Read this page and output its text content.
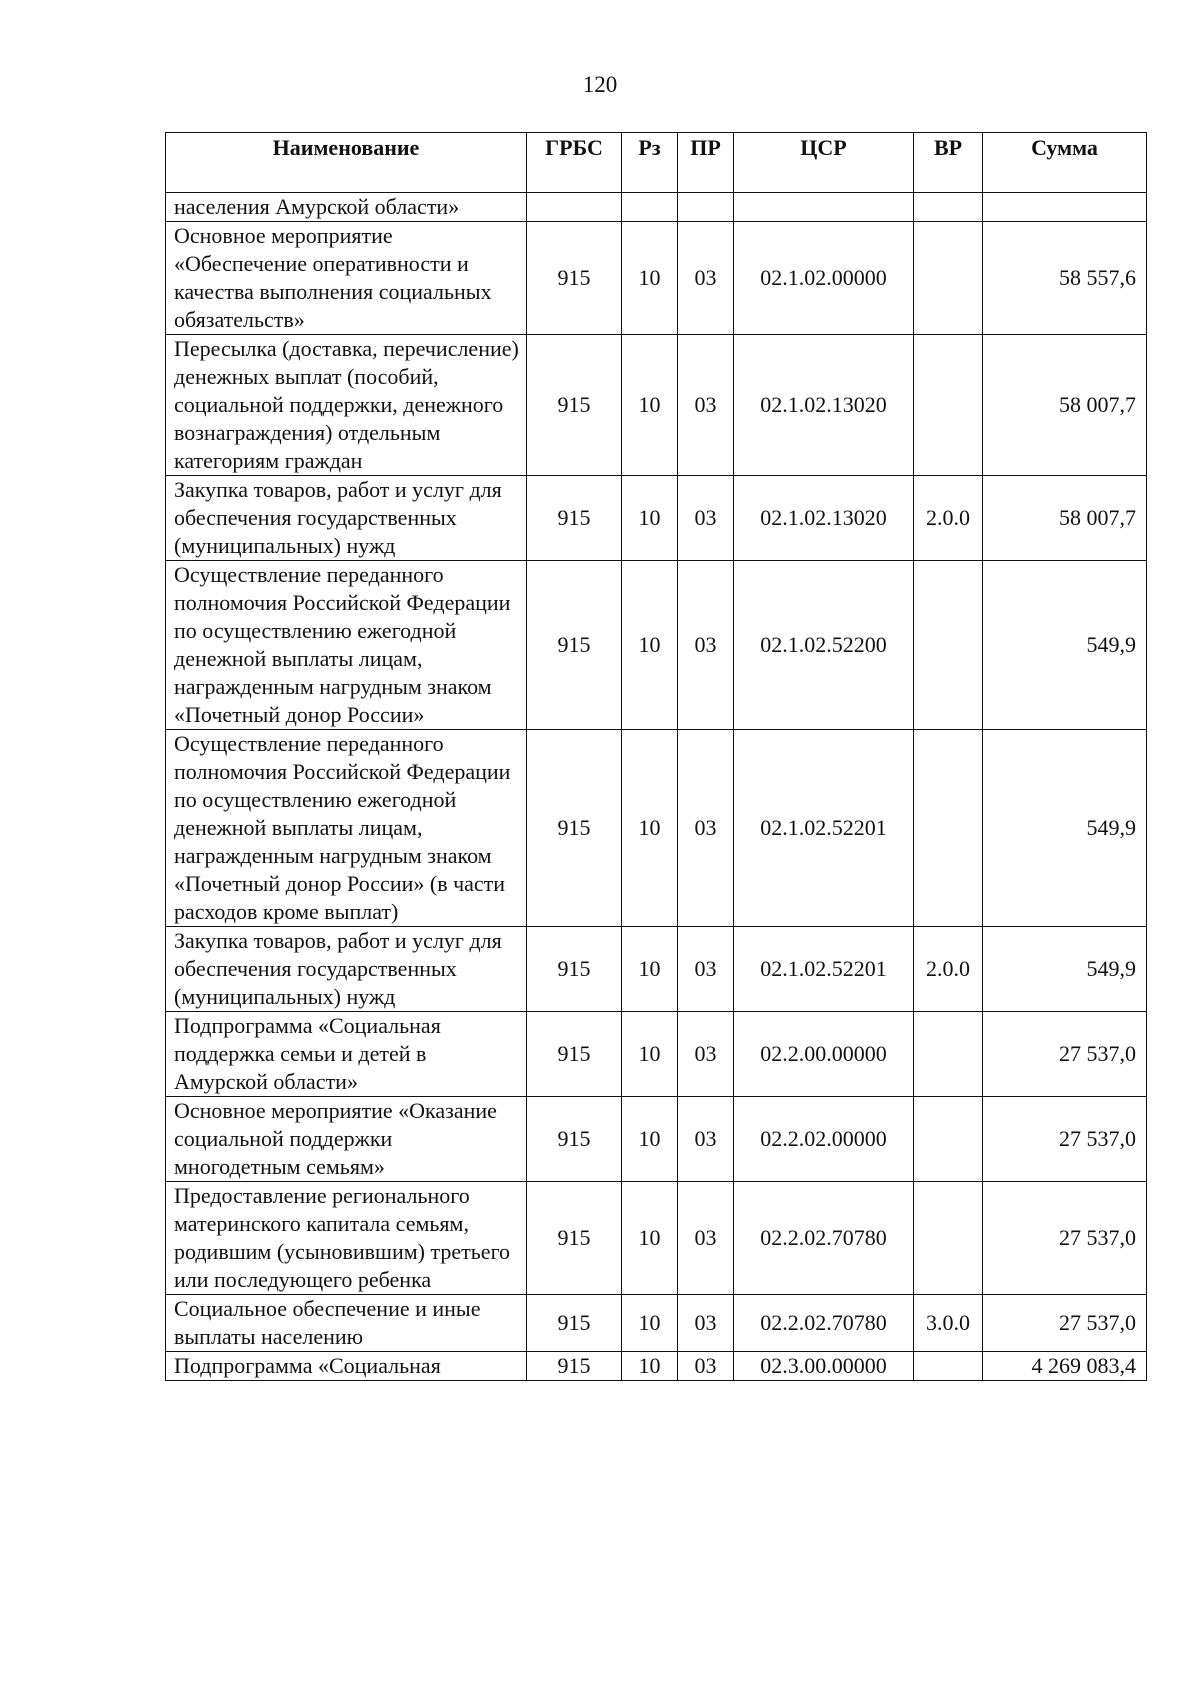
120
Наименование	ГРБС	Рз	ПР	ЦСР	ВР	Сумма
населения Амурской области»						
Основное мероприятие «Обеспечение оперативности и качества выполнения социальных обязательств»	915	10	03	02.1.02.00000		58 557,6
Пересылка (доставка, перечисление) денежных выплат (пособий, социальной поддержки, денежного вознаграждения) отдельным категориям граждан	915	10	03	02.1.02.13020		58 007,7
Закупка товаров, работ и услуг для обеспечения государственных (муниципальных) нужд	915	10	03	02.1.02.13020	2.0.0	58 007,7
Осуществление переданного полномочия Российской Федерации по осуществлению ежегодной денежной выплаты лицам, награжденным нагрудным знаком «Почетный донор России»	915	10	03	02.1.02.52200		549,9
Осуществление переданного полномочия Российской Федерации по осуществлению ежегодной денежной выплаты лицам, награжденным нагрудным знаком «Почетный донор России» (в части расходов кроме выплат)	915	10	03	02.1.02.52201		549,9
Закупка товаров, работ и услуг для обеспечения государственных (муниципальных) нужд	915	10	03	02.1.02.52201	2.0.0	549,9
Подпрограмма «Социальная поддержка семьи и детей в Амурской области»	915	10	03	02.2.00.00000		27 537,0
Основное мероприятие «Оказание социальной поддержки многодетным семьям»	915	10	03	02.2.02.00000		27 537,0
Предоставление регионального материнского капитала семьям, родившим (усыновившим) третьего или последующего ребенка	915	10	03	02.2.02.70780		27 537,0
Социальное обеспечение и иные выплаты населению	915	10	03	02.2.02.70780	3.0.0	27 537,0
Подпрограмма «Социальная	915	10	03	02.3.00.00000		4 269 083,4
